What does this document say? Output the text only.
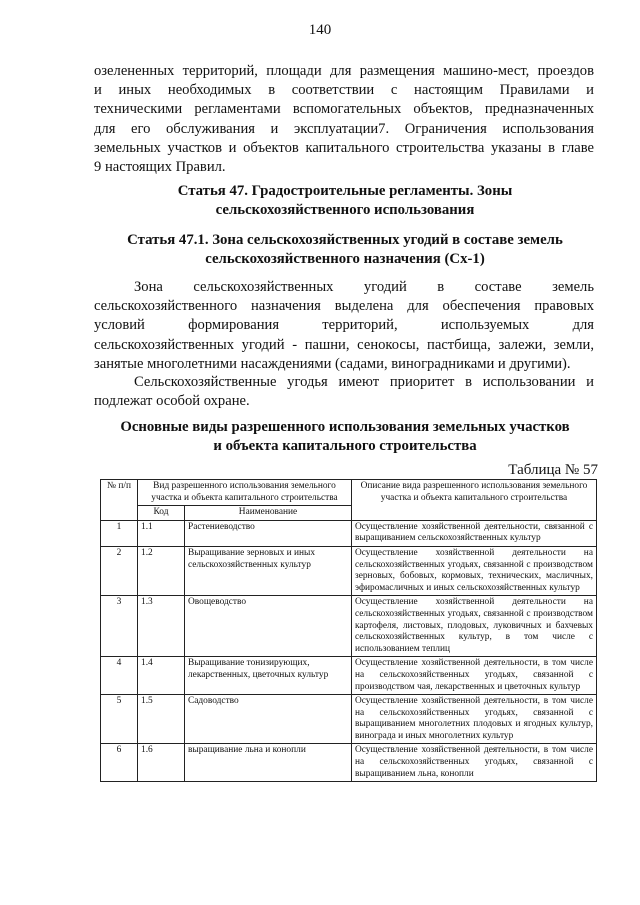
140
озелененных территорий, площади для размещения машино-мест, проездов
и иных необходимых в соответствии с настоящим Правилами и
техническими регламентами вспомогательных объектов, предназначенных
для его обслуживания и эксплуатации7. Ограничения использования
земельных участков и объектов капитального строительства указаны в главе
9 настоящих Правил.
Статья 47. Градостроительные регламенты. Зоны
сельскохозяйственного использования
Статья 47.1. Зона сельскохозяйственных угодий в составе земель
сельскохозяйственного назначения (Сх-1)
Зона сельскохозяйственных угодий в составе земель
сельскохозяйственного назначения выделена для обеспечения правовых
условий формирования территорий, используемых для
сельскохозяйственных угодий - пашни, сенокосы, пастбища, залежи, земли,
занятые многолетними насаждениями (садами, виноградниками и другими).
Сельскохозяйственные угодья имеют приоритет в использовании и
подлежат особой охране.
Основные виды разрешенного использования земельных участков
и объекта капитального строительства
Таблица № 57
№ п/п	Вид разрешенного использования земельного участка и объекта капитального строительства		Описание вида разрешенного использования земельного участка и объекта капитального строительства
	Код	Наименование	
1	1.1	Растениеводство	Осуществление хозяйственной деятельности, связанной с выращиванием сельскохозяйственных культур
2	1.2	Выращивание зерновых и иных сельскохозяйственных культур	Осуществление хозяйственной деятельности на сельскохозяйственных угодьях, связанной с производством зерновых, бобовых, кормовых, технических, масличных, эфиромасличных и иных сельскохозяйственных культур
3	1.3	Овощеводство	Осуществление хозяйственной деятельности на сельскохозяйственных угодьях, связанной с производством картофеля, листовых, плодовых, луковичных и бахчевых сельскохозяйственных культур, в том числе с использованием теплиц
4	1.4	Выращивание тонизирующих, лекарственных, цветочных культур	Осуществление хозяйственной деятельности, в том числе на сельскохозяйственных угодьях, связанной с производством чая, лекарственных и цветочных культур
5	1.5	Садоводство	Осуществление хозяйственной деятельности, в том числе на сельскохозяйственных угодьях, связанной с выращиванием многолетних плодовых и ягодных культур, винограда и иных многолетних культур
6	1.6	выращивание льна и конопли	Осуществление хозяйственной деятельности, в том числе на сельскохозяйственных угодьях, связанной с выращиванием льна, конопли
